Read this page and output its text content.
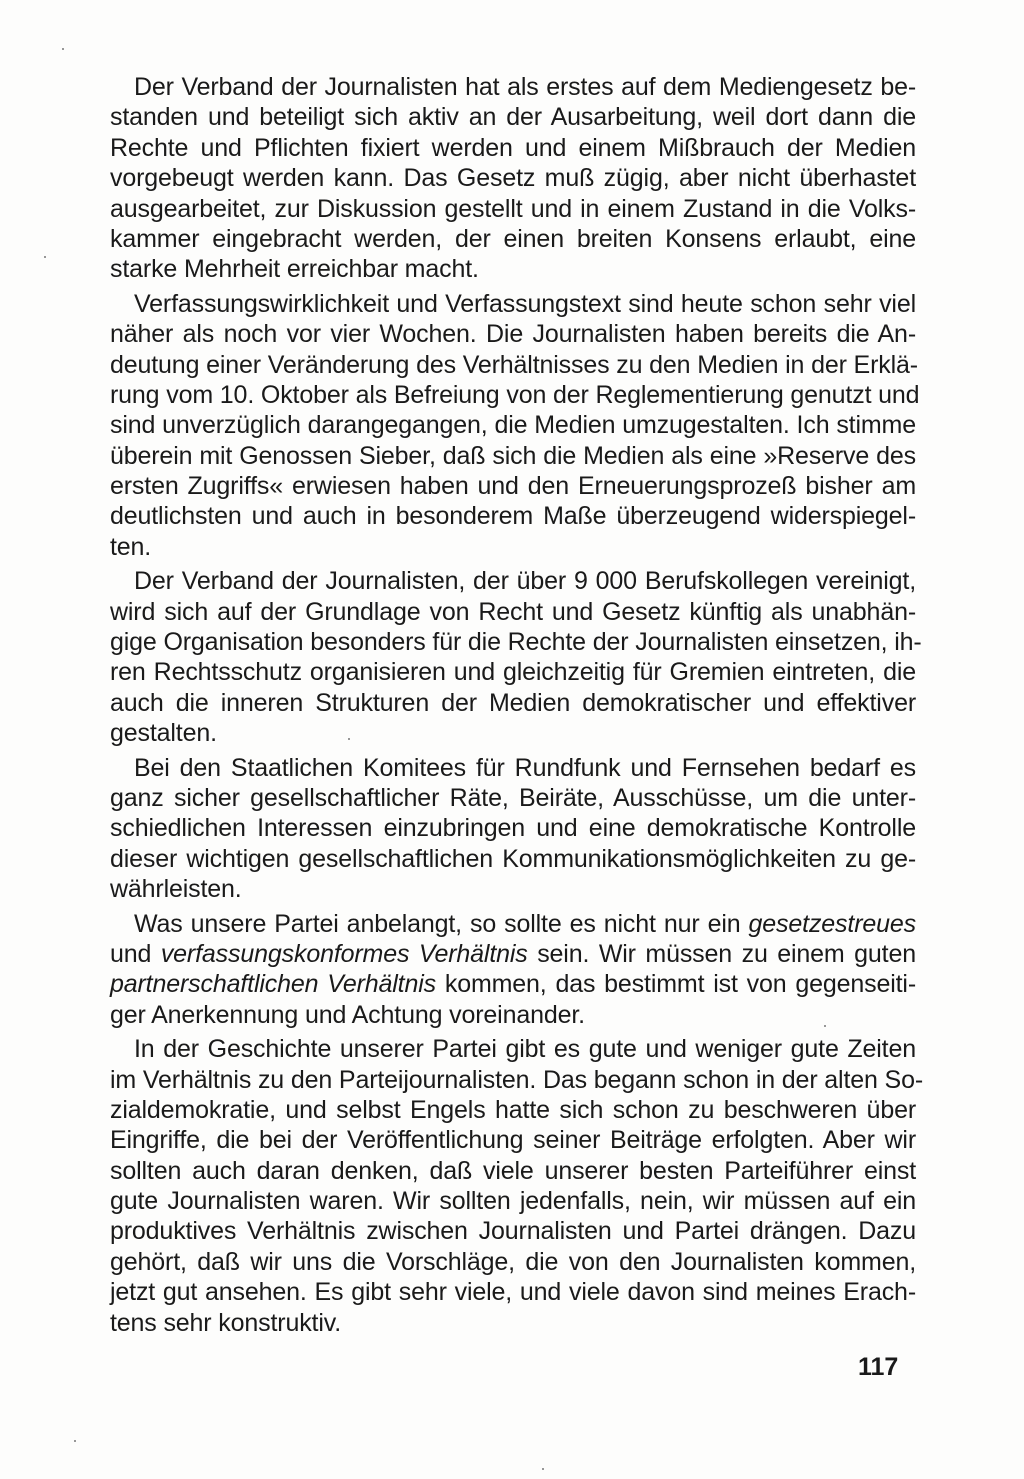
Der Verband der Journalisten hat als erstes auf dem Mediengesetz be-
standen und beteiligt sich aktiv an der Ausarbeitung, weil dort dann die
Rechte und Pflichten fixiert werden und einem Mißbrauch der Medien
vorgebeugt werden kann. Das Gesetz muß zügig, aber nicht überhastet
ausgearbeitet, zur Diskussion gestellt und in einem Zustand in die Volks-
kammer eingebracht werden, der einen breiten Konsens erlaubt, eine
starke Mehrheit erreichbar macht.
Verfassungswirklichkeit und Verfassungstext sind heute schon sehr viel
näher als noch vor vier Wochen. Die Journalisten haben bereits die An-
deutung einer Veränderung des Verhältnisses zu den Medien in der Erklä-
rung vom 10. Oktober als Befreiung von der Reglementierung genutzt und
sind unverzüglich darangegangen, die Medien umzugestalten. Ich stimme
überein mit Genossen Sieber, daß sich die Medien als eine »Reserve des
ersten Zugriffs« erwiesen haben und den Erneuerungsprozeß bisher am
deutlichsten und auch in besonderem Maße überzeugend widerspiegel-
ten.
Der Verband der Journalisten, der über 9 000 Berufskollegen vereinigt,
wird sich auf der Grundlage von Recht und Gesetz künftig als unabhän-
gige Organisation besonders für die Rechte der Journalisten einsetzen, ih-
ren Rechtsschutz organisieren und gleichzeitig für Gremien eintreten, die
auch die inneren Strukturen der Medien demokratischer und effektiver
gestalten.
Bei den Staatlichen Komitees für Rundfunk und Fernsehen bedarf es
ganz sicher gesellschaftlicher Räte, Beiräte, Ausschüsse, um die unter-
schiedlichen Interessen einzubringen und eine demokratische Kontrolle
dieser wichtigen gesellschaftlichen Kommunikationsmöglichkeiten zu ge-
währleisten.
Was unsere Partei anbelangt, so sollte es nicht nur ein gesetzestreues
und verfassungskonformes Verhältnis sein. Wir müssen zu einem guten
partnerschaftlichen Verhältnis kommen, das bestimmt ist von gegenseiti-
ger Anerkennung und Achtung voreinander.
In der Geschichte unserer Partei gibt es gute und weniger gute Zeiten
im Verhältnis zu den Parteijournalisten. Das begann schon in der alten So-
zialdemokratie, und selbst Engels hatte sich schon zu beschweren über
Eingriffe, die bei der Veröffentlichung seiner Beiträge erfolgten. Aber wir
sollten auch daran denken, daß viele unserer besten Parteiführer einst
gute Journalisten waren. Wir sollten jedenfalls, nein, wir müssen auf ein
produktives Verhältnis zwischen Journalisten und Partei drängen. Dazu
gehört, daß wir uns die Vorschläge, die von den Journalisten kommen,
jetzt gut ansehen. Es gibt sehr viele, und viele davon sind meines Erach-
tens sehr konstruktiv.
117
